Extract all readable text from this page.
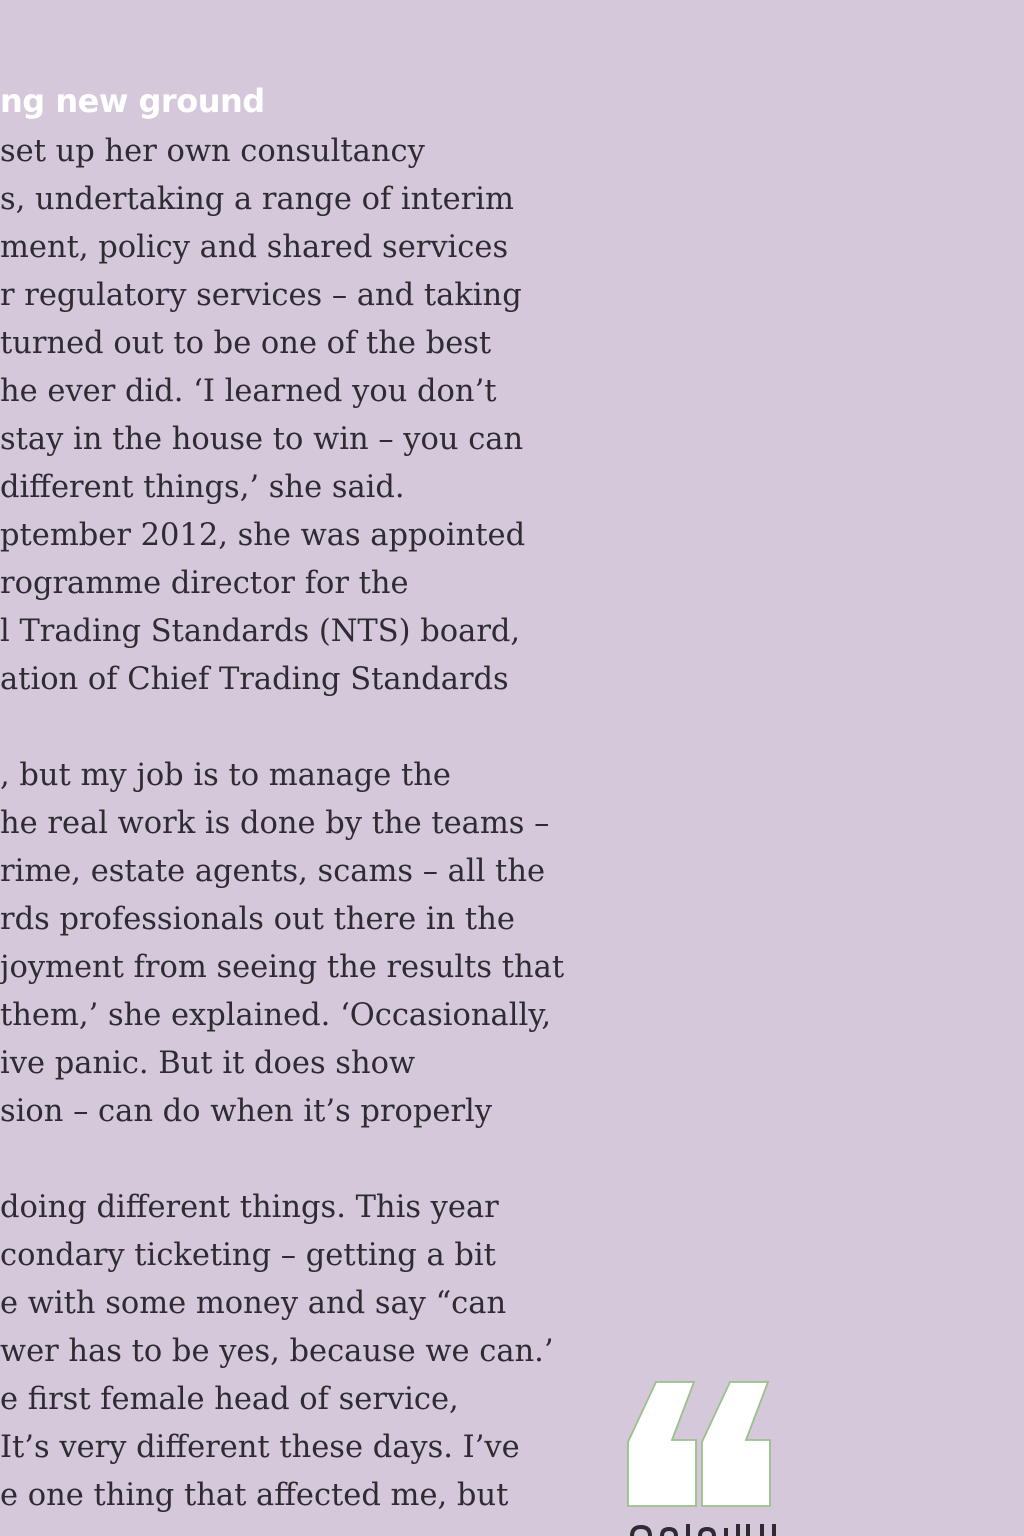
ng new ground

set up her own consultancy

s, undertaking a range of interim

ment, policy and shared services

r regulatory services – and taking

turned out to be one of the best

he ever did. ‘I learned you don’t

stay in the house to win – you can

different things,’ she said.

ptember 2012, she was appointed

rogramme director for the

l Trading Standards (NTS) board,

ation of Chief Trading Standards

, but my job is to manage the

he real work is done by the teams –

rime, estate agents, scams – all the

rds professionals out there in the

joyment from seeing the results that

them,’ she explained. ‘Occasionally,

ive panic. But it does show

sion – can do when it’s properly

doing different things. This year

condary ticketing – getting a bit

e with some money and say “can

wer has to be yes, because we can.’

e first female head of service,

It’s very different these days. I’ve

e one thing that affected me, but
